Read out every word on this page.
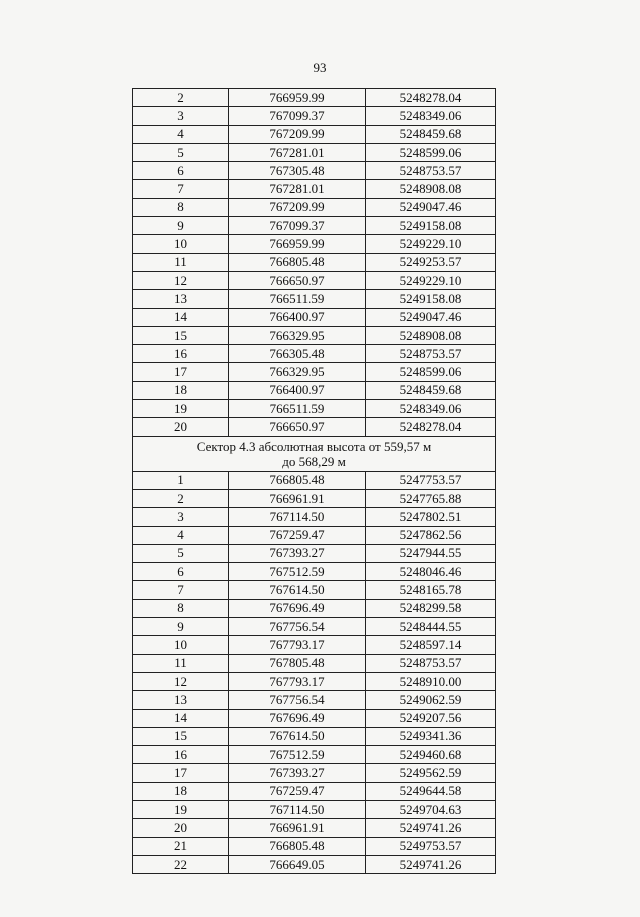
93
2	766959.99	5248278.04
3	767099.37	5248349.06
4	767209.99	5248459.68
5	767281.01	5248599.06
6	767305.48	5248753.57
7	767281.01	5248908.08
8	767209.99	5249047.46
9	767099.37	5249158.08
10	766959.99	5249229.10
11	766805.48	5249253.57
12	766650.97	5249229.10
13	766511.59	5249158.08
14	766400.97	5249047.46
15	766329.95	5248908.08
16	766305.48	5248753.57
17	766329.95	5248599.06
18	766400.97	5248459.68
19	766511.59	5248349.06
20	766650.97	5248278.04

Сектор 4.3 абсолютная высота от 559,57 м
до 568,29 м		

1	766805.48	5247753.57
2	766961.91	5247765.88
3	767114.50	5247802.51
4	767259.47	5247862.56
5	767393.27	5247944.55
6	767512.59	5248046.46
7	767614.50	5248165.78
8	767696.49	5248299.58
9	767756.54	5248444.55
10	767793.17	5248597.14
11	767805.48	5248753.57
12	767793.17	5248910.00
13	767756.54	5249062.59
14	767696.49	5249207.56
15	767614.50	5249341.36
16	767512.59	5249460.68
17	767393.27	5249562.59
18	767259.47	5249644.58
19	767114.50	5249704.63
20	766961.91	5249741.26
21	766805.48	5249753.57
22	766649.05	5249741.26
